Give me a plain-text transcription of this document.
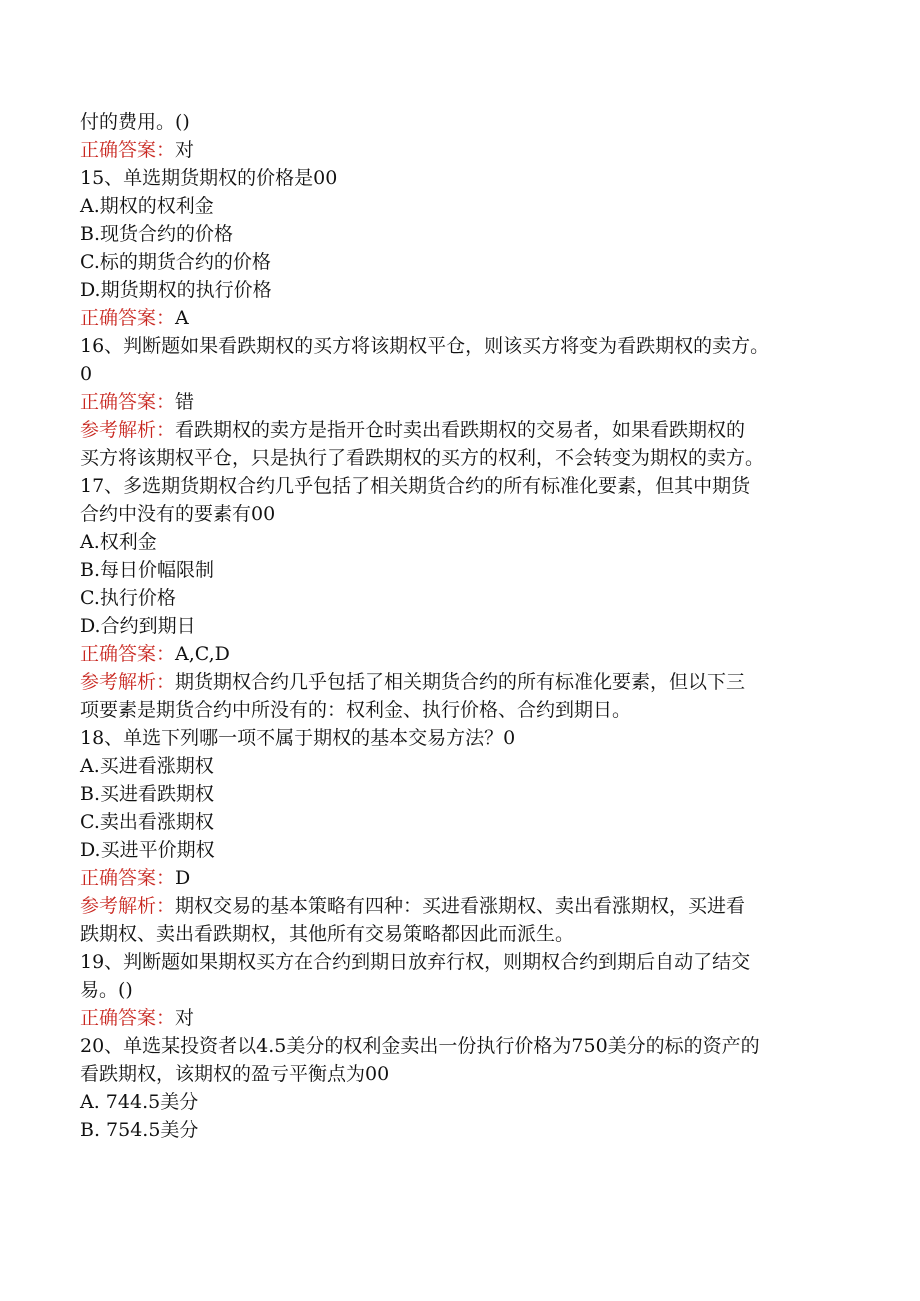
付的费用。()
正确答案：对
15、单选期货期权的价格是00
A.期权的权利金
B.现货合约的价格
C.标的期货合约的价格
D.期货期权的执行价格
正确答案：A
16、判断题如果看跌期权的买方将该期权平仓，则该买方将变为看跌期权的卖方。
0
正确答案：错
参考解析：看跌期权的卖方是指开仓时卖出看跌期权的交易者，如果看跌期权的
买方将该期权平仓，只是执行了看跌期权的买方的权利，不会转变为期权的卖方。
17、多选期货期权合约几乎包括了相关期货合约的所有标准化要素，但其中期货
合约中没有的要素有00
A.权利金
B.每日价幅限制
C.执行价格
D.合约到期日
正确答案：A,C,D
参考解析：期货期权合约几乎包括了相关期货合约的所有标准化要素，但以下三
项要素是期货合约中所没有的：权利金、执行价格、合约到期日。
18、单选下列哪一项不属于期权的基本交易方法？0
A.买进看涨期权
B.买进看跌期权
C.卖出看涨期权
D.买进平价期权
正确答案：D
参考解析：期权交易的基本策略有四种：买进看涨期权、卖出看涨期权，买进看
跌期权、卖出看跌期权，其他所有交易策略都因此而派生。
19、判断题如果期权买方在合约到期日放弃行权，则期权合约到期后自动了结交
易。()
正确答案：对
20、单选某投资者以4.5美分的权利金卖出一份执行价格为750美分的标的资产的
看跌期权，该期权的盈亏平衡点为00
A. 744.5美分
B. 754.5美分
